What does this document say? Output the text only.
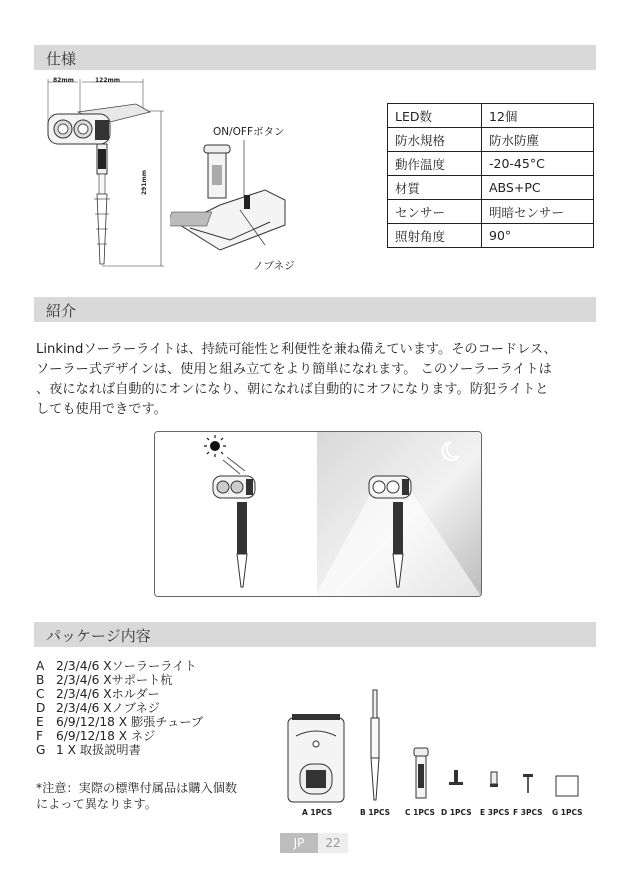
仕様
紹介
パッケージ内容
82mm	122mm
291mm
ON/OFFボタン
ノブネジ
LED数	12個
防水規格	防水防塵
動作温度	-20-45°C
材質	ABS+PC
センサー	明暗センサー
照射角度	90°
Linkindソーラーライトは、持続可能性と利便性を兼ね備えています。そのコードレス、
ソーラー式デザインは、使用と組み立てをより簡単になれます。 このソーラーライトは
、夜になれば自動的にオンになり、朝になれば自動的にオフになります。防犯ライトと
しても使用できです。
A 2/3/4/6 Xソーラーライト
B 2/3/4/6 Xサポート杭
C 2/3/4/6 Xホルダー
D 2/3/4/6 Xノブネジ
E 6/9/12/18 X 膨張チューブ
F 6/9/12/18 X ネジ
G 1 X 取扱説明書
*注意：実際の標準付属品は購入個数
によって異なります。
A 1PCS	B 1PCS C 1PCS D 1PCS E 3PCS F 3PCS G 1PCS
JP	22
